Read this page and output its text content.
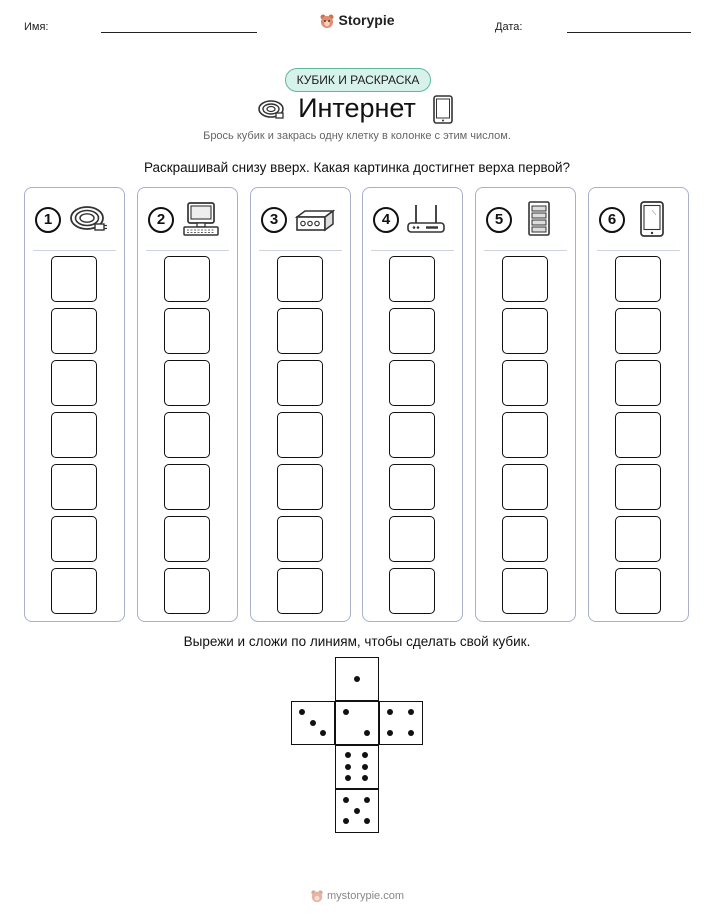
Имя:	Storypie	Дата:
КУБИК И РАСКРАСКА
Интернет
Брось кубик и закрась одну клетку в колонке с этим числом.
Раскрашивай снизу вверх. Какая картинка достигнет верха первой?
1	2	3	4	5	6
Вырежи и сложи по линиям, чтобы сделать свой кубик.
mystorypie.com
